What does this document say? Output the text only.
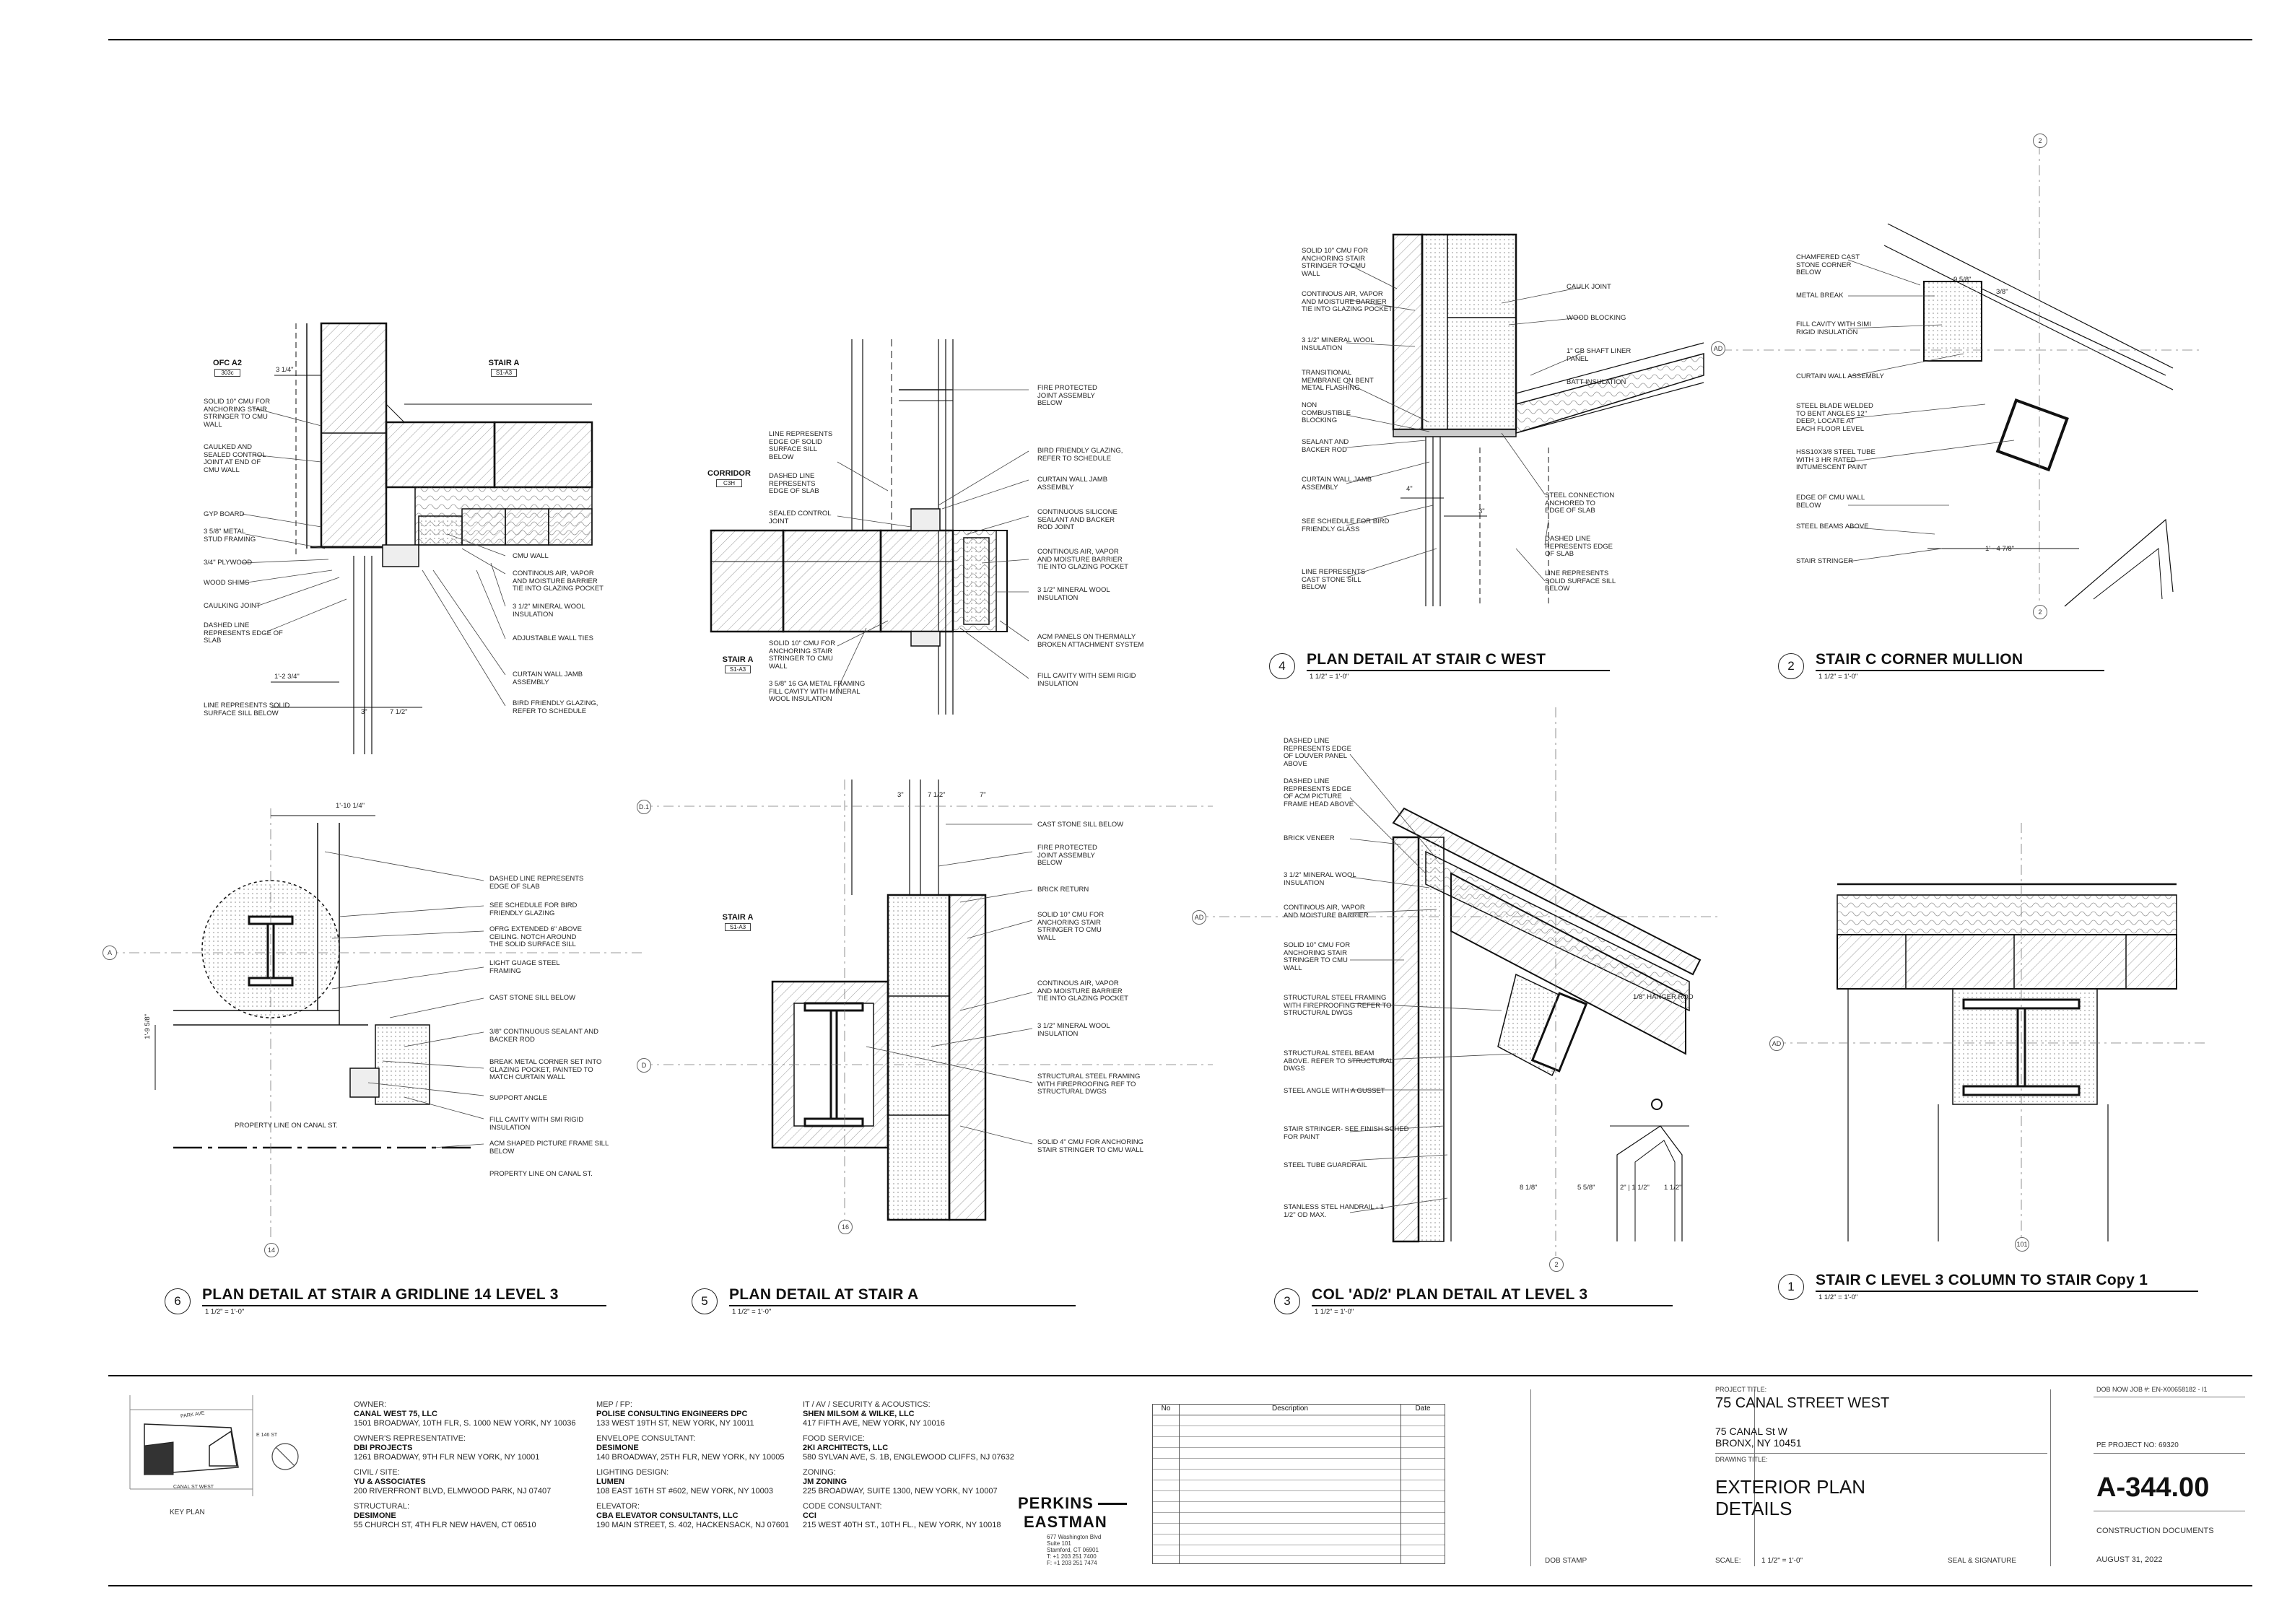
OFC A2
303c
STAIR A
S1-A3
CORRIDOR
C3H
STAIR A
S1-A3
STAIR A
S1-A3
A
D.1
D
AD
AD
AD
14
16
2
2
2
101
3 1/4"
1'-2 3/4"
3"	7 1/2"
1'-10 1/4"
1'-9 5/8"
3"	7 1/2"	7"
4"
3"
9 5/8"
3/8"
1' - 4 7/8"
8 1/8"	5 5/8"	2" | 1 1/2" 1 1/2"
SOLID 10" CMU FOR
ANCHORING STAIR
STRINGER TO CMU
WALL
CAULKED AND
SEALED CONTROL
JOINT AT END OF
CMU WALL
GYP BOARD
3 5/8" METAL
STUD FRAMING
3/4" PLYWOOD
WOOD SHIMS
CAULKING JOINT
DASHED LINE
REPRESENTS EDGE OF
SLAB
LINE REPRESENTS SOLID
SURFACE SILL BELOW
CMU WALL
CONTINOUS AIR, VAPOR
AND MOISTURE BARRIER
TIE INTO GLAZING POCKET
3 1/2" MINERAL WOOL
INSULATION
ADJUSTABLE WALL TIES
CURTAIN WALL JAMB
ASSEMBLY
BIRD FRIENDLY GLAZING,
REFER TO SCHEDULE
LINE REPRESENTS
EDGE OF SOLID
SURFACE SILL
BELOW
DASHED LINE
REPRESENTS
EDGE OF SLAB
SEALED CONTROL
JOINT
SOLID 10" CMU FOR
ANCHORING STAIR
STRINGER TO CMU
WALL
3 5/8" 16 GA METAL FRAMING
FILL CAVITY WITH MINERAL
WOOL INSULATION
FIRE PROTECTED
JOINT ASSEMBLY
BELOW
BIRD FRIENDLY GLAZING,
REFER TO SCHEDULE
CURTAIN WALL JAMB
ASSEMBLY
CONTINUOUS SILICONE
SEALANT AND BACKER
ROD JOINT
CONTINOUS AIR, VAPOR
AND MOISTURE BARRIER
TIE INTO GLAZING POCKET
3 1/2" MINERAL WOOL
INSULATION
ACM PANELS ON THERMALLY
BROKEN ATTACHMENT SYSTEM
FILL CAVITY WITH SEMI RIGID
INSULATION
DASHED LINE REPRESENTS
EDGE OF SLAB
SEE SCHEDULE FOR BIRD
FRIENDLY GLAZING
OFRG EXTENDED 6" ABOVE
CEILING. NOTCH AROUND
THE SOLID SURFACE SILL
LIGHT GUAGE STEEL
FRAMING
CAST STONE SILL BELOW
3/8" CONTINUOUS SEALANT AND
BACKER ROD
BREAK METAL CORNER SET INTO
GLAZING POCKET, PAINTED TO
MATCH CURTAIN WALL
SUPPORT ANGLE
FILL CAVITY WITH SMI RIGID
INSULATION
ACM SHAPED PICTURE FRAME SILL
BELOW
PROPERTY LINE ON CANAL ST.
PROPERTY LINE ON CANAL ST.
CAST STONE SILL BELOW
FIRE PROTECTED
JOINT ASSEMBLY
BELOW
BRICK RETURN
SOLID 10" CMU FOR
ANCHORING STAIR
STRINGER TO CMU
WALL
CONTINOUS AIR, VAPOR
AND MOISTURE BARRIER
TIE INTO GLAZING POCKET
3 1/2" MINERAL WOOL
INSULATION
STRUCTURAL STEEL FRAMING
WITH FIREPROOFING REF TO
STRUCTURAL DWGS
SOLID 4" CMU FOR ANCHORING
STAIR STRINGER TO CMU WALL
SOLID 10" CMU FOR
ANCHORING STAIR
STRINGER TO CMU
WALL
CONTINOUS AIR, VAPOR
AND MOISTURE BARRIER
TIE INTO GLAZING POCKET
3 1/2" MINERAL WOOL
INSULATION
TRANSITIONAL
MEMBRANE ON BENT
METAL FLASHING
NON
COMBUSTIBLE
BLOCKING
SEALANT AND
BACKER ROD
CURTAIN WALL JAMB
ASSEMBLY
SEE SCHEDULE FOR BIRD
FRIENDLY GLASS
LINE REPRESENTS
CAST STONE SILL
BELOW
CAULK JOINT
WOOD BLOCKING
1" GB SHAFT LINER
PANEL
BATT INSULATION
STEEL CONNECTION
ANCHORED TO
EDGE OF SLAB
DASHED LINE
REPRESENTS EDGE
OF SLAB
LINE REPRESENTS
SOLID SURFACE SILL
BELOW
CHAMFERED CAST
STONE CORNER
BELOW
METAL BREAK
FILL CAVITY WITH SIMI
RIGID INSULATION
CURTAIN WALL ASSEMBLY
STEEL BLADE WELDED
TO BENT ANGLES 12"
DEEP, LOCATE AT
EACH FLOOR LEVEL
HSS10X3/8 STEEL TUBE
WITH 3 HR RATED
INTUMESCENT PAINT
EDGE OF CMU WALL
BELOW
STEEL BEAMS ABOVE
STAIR STRINGER
DASHED LINE
REPRESENTS EDGE
OF LOUVER PANEL
ABOVE
DASHED LINE
REPRESENTS EDGE
OF ACM PICTURE
FRAME HEAD ABOVE
BRICK VENEER
3 1/2" MINERAL WOOL
INSULATION
CONTINOUS AIR, VAPOR
AND MOISTURE BARRIER
SOLID 10" CMU FOR
ANCHORING STAIR
STRINGER TO CMU
WALL
STRUCTURAL STEEL FRAMING
WITH FIREPROOFING REFER TO
STRUCTURAL DWGS
STRUCTURAL STEEL BEAM
ABOVE. REFER TO STRUCTURAL
DWGS
STEEL ANGLE WITH A GUSSET
STAIR STRINGER- SEE FINISH SCHED
FOR PAINT
STEEL TUBE GUARDRAIL
STANLESS STEL HANDRAIL - 1
1/2" OD MAX.
1/8" HANGER ROD
6	PLAN DETAIL AT STAIR A GRIDLINE 14 LEVEL 3
1 1/2" = 1'-0"
5	PLAN DETAIL AT STAIR A
1 1/2" = 1'-0"
3	COL 'AD/2' PLAN DETAIL AT LEVEL 3
1 1/2" = 1'-0"
1	STAIR C LEVEL 3 COLUMN TO STAIR Copy 1
1 1/2" = 1'-0"
4	PLAN DETAIL AT STAIR C WEST
1 1/2" = 1'-0"
2	STAIR C CORNER MULLION
1 1/2" = 1'-0"
CANAL ST WEST
PARK AVE
E 146 ST
KEY PLAN
OWNER:
CANAL WEST 75, LLC
1501 BROADWAY, 10TH FLR, S. 1000 NEW YORK, NY 10036
OWNER'S REPRESENTATIVE:
DBI PROJECTS
1261 BROADWAY, 9TH FLR NEW YORK, NY 10001
CIVIL / SITE:
YU & ASSOCIATES
200 RIVERFRONT BLVD, ELMWOOD PARK, NJ 07407
STRUCTURAL:
DESIMONE
55 CHURCH ST, 4TH FLR NEW HAVEN, CT 06510
MEP / FP:
POLISE CONSULTING ENGINEERS DPC
133 WEST 19TH ST, NEW YORK, NY 10011
ENVELOPE CONSULTANT:
DESIMONE
140 BROADWAY, 25TH FLR, NEW YORK, NY 10005
LIGHTING DESIGN:
LUMEN
108 EAST 16TH ST #602, NEW YORK, NY 10003
ELEVATOR:
CBA ELEVATOR CONSULTANTS, LLC
190 MAIN STREET, S. 402, HACKENSACK, NJ 07601
IT / AV / SECURITY & ACOUSTICS:
SHEN MILSOM & WILKE, LLC
417 FIFTH AVE, NEW YORK, NY 10016
FOOD SERVICE:
2KI ARCHITECTS, LLC
580 SYLVAN AVE, S. 1B, ENGLEWOOD CLIFFS, NJ 07632
ZONING:
JM ZONING
225 BROADWAY, SUITE 1300, NEW YORK, NY 10007
CODE CONSULTANT:
CCI
215 WEST 40TH ST., 10TH FL., NEW YORK, NY 10018
PERKINS
EASTMAN
677 Washington Blvd
Suite 101
Stamford, CT 06901
T: +1 203 251 7400
F: +1 203 251 7474
No	Description	Date
DOB STAMP
PROJECT TITLE:
75 CANAL STREET WEST
75 CANAL St W
BRONX, NY 10451
DRAWING TITLE:
EXTERIOR PLAN
DETAILS
SCALE:	1 1/2" = 1'-0"	SEAL & SIGNATURE
DOB NOW JOB #: EN-X00658182 - I1
PE PROJECT NO: 69320
A-344.00
CONSTRUCTION DOCUMENTS
AUGUST 31, 2022
